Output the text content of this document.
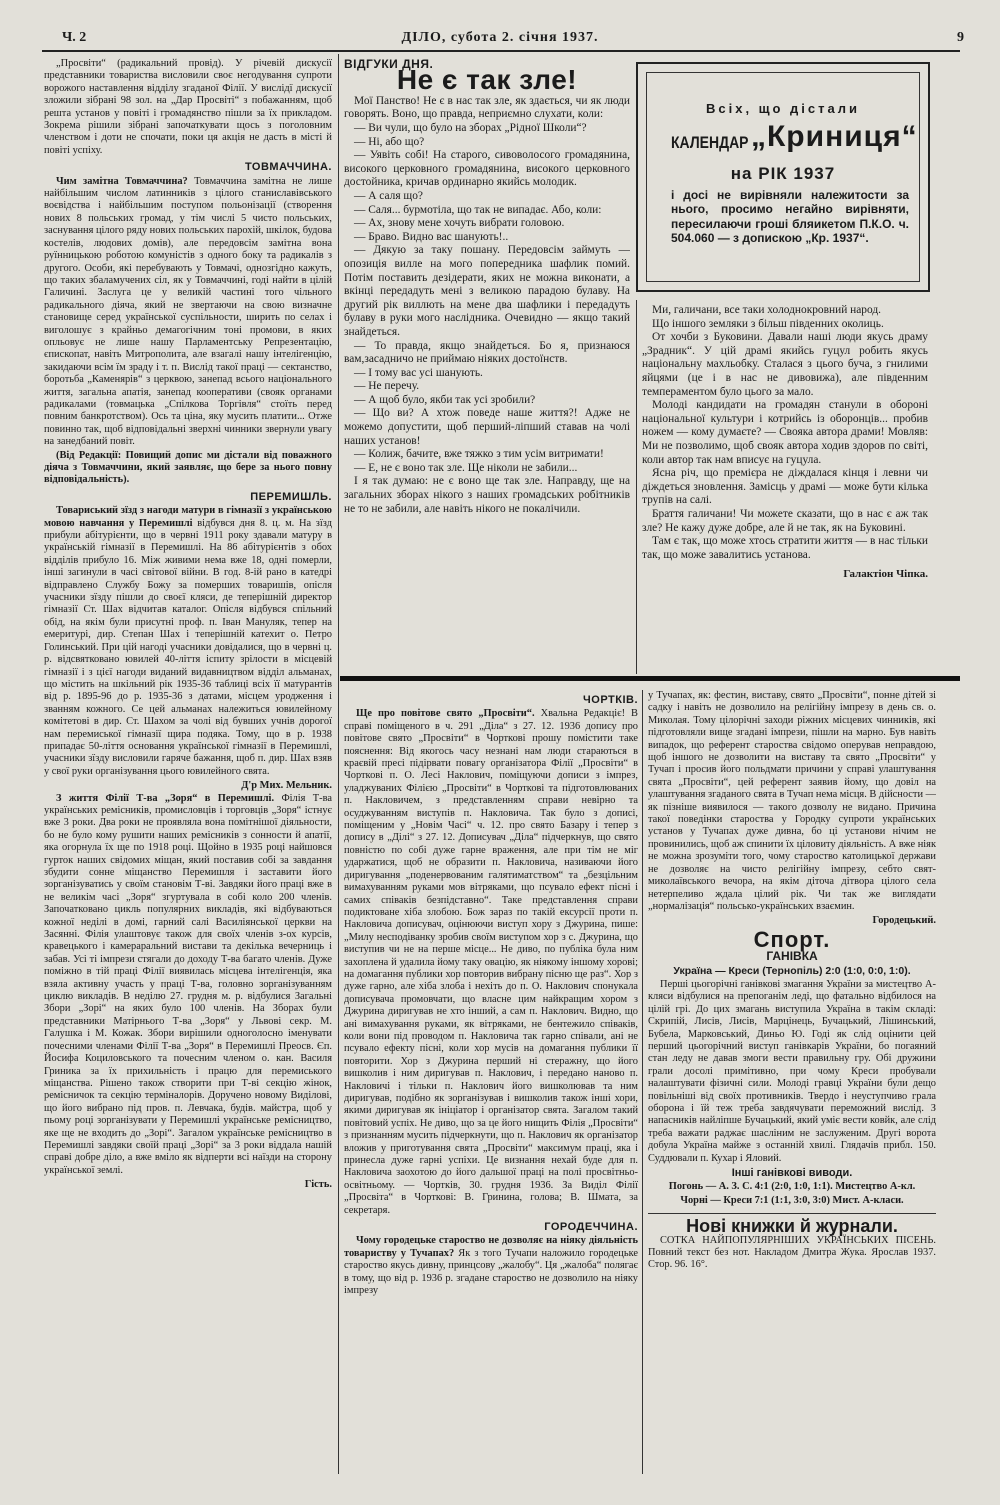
Ч. 2	ДІЛО, субота 2. січня 1937.	9

„Просвіти“ (радикальний провід). У річевій дискусії представники товариства висловили своє негодування супроти ворожого наставлення відділу згаданої Філії. У вислідї дискусії зложили зібрані 98 зол. на „Дар Просвіті“ з побажанням, щоб решта установ у повіті і громадянство пішли за їх прикладом. Зокрема рішили зібрані започаткувати щось з поголовним членством і доти не спочати, поки ця акція не дасть в місті й повіті успіху.

ТОВМАЧЧИНА.

Чим замітна Товмаччина? Товмаччина замітна не лише найбільшим числом латинників з цілого станиславівського воєвідства і найбільшим поступом польонізації (створення нових 8 польських громад, у тім числі 5 чисто польських, заснування цілого ряду нових польських парохій, шкілок, будова костелів, людових домів), але передовсім замітна вона руїнницькою роботою комуністів з одного боку та радикалів з другого. Особи, які перебувають у Товмачі, однозгідно кажуть, що таких збаламучених сіл, як у Товмаччині, годі найти в цілій Галичині. Заслуга це у великій частині того чільного радикального діяча, який не звертаючи на свою визначне становище серед української суспільности, ширить по селах і виголошує з крайньо демагогічним тоні промови, в яких опльовує не лише нашу Парламентську Репрезентацію, єпископат, навіть Митрополита, але взагалі нашу інтелігенцію, закидаючи всім їм зраду і т. п. Вислід такої праці — сектанство, боротьба „Каменярів“ з церквою, занепад всього національного життя, загальна апатія, занепад кооперативи (свояк органами радикалами (товмацька „Спілкова Торгівля“ стоїть перед повним банкротством). Ось та ціна, яку мусить платити... Отже повинно так, щоб відповідальні зверхні чинники звернули увагу на занедбаний повіт.

(Від Редакції: Повищий допис ми дістали від поважного діяча з Товмаччини, який заявляє, що бере за нього повну відповідальність).

ПЕРЕМИШЛЬ.

Товариський зїзд з нагоди матури в гімназії з українською мовою навчання у Перемишлі відбувся дня 8. ц. м. На зїзд прибули абітурієнти, що в червні 1911 року здавали матуру в українській гімназії в Перемишлі. На 86 абітурієнтів з обох відділів прибуло 16. Між живими нема вже 18, одні померли, інші загинули в часі світової війни. В год. 8-ій рано в катедрі відправлено Службу Божу за померших товаришів, опісля учасники зїзду пішли до своєї кляси, де теперішній директор гімназії Ст. Шах відчитав каталог. Опісля відбувся спільний обід, на якім були присутні проф. п. Іван Мануляк, тепер на емеритурі, дир. Степан Шах і теперішній катехит о. Петро Голинський. При цій нагоді учасники довідалися, що в червні ц. р. відсвятковано ювилей 40-ліття іспиту зрілости в місцевій гімназії і з цієї нагоди виданий видавництвом відділ альманах, що містить на шкільний рік 1935-36 таблиці всіх її матурантів від р. 1895-96 до р. 1935-36 з датами, місцем уродження і званням кожного. Се цей альманах належиться ювилейному комітетові в дир. Ст. Шахом за чолі від бувших учнів дорогої нам перемиської гімназії щира подяка. Тому, що в р. 1938 припадає 50-ліття основання української гімназії в Перемишлі, учасники зїзду висловили гаряче бажання, щоб п. дир. Шах взяв у свої руки організування цього ювилейного свята.

Д'р Мих. Мельник.

З життя Філії Т-ва „Зоря“ в Перемишлі. Філія Т-ва українських ремісників, промисловців і торговців „Зоря“ істнує вже 3 роки. Два роки не проявляла вона помітнішої діяльности, бо не було кому рушити наших ремісників з сонности й апатії, яка огорнула їх ще по 1918 році. Щойно в 1935 році найшовся гурток наших свідомих міщан, який поставив собі за завдання збудити сонне міщанство Перемишля і заставити його зорганізуватись у своїм становім Т-ві. Завдяки його праці вже в не великім часі „Зоря“ згуртувала в собі коло 200 членів. Започатковано цикль популярних викладів, які відбуваються кожної неділі в домі, гарний салі Василіянської церкви на Засянні. Філія улаштовує також для своїх членів з-ох курсів, кравецького і камераральний вистави та декілька вечерниць і забав. Усі ті імпрези стягали до доходу Т-ва багато членів. Дуже поміжно в тій праці Філії виявилась місцева інтелігенція, яка взяла активну участь у праці Т-ва, головно зорганізуванням циклю викладів. В неділю 27. грудня м. р. відбулися Загальні Збори „Зорі“ на яких було 100 членів. На Зборах були представники Матірнього Т-ва „Зоря“ у Львові секр. М. Галушка і М. Кожак. Збори вирішили одноголосно іменувати почесними членами Філії Т-ва „Зоря“ в Перемишлі Преосв. Єп. Йосифа Коциловського та почесним членом о. кан. Василя Гриника за їх прихильність і працю для перемиського міщанства. Рішено також створити при Т-ві секцію жінок, ремісничок та секцію терміналорів. Доручено новому Виділові, що його вибрано під пров. п. Левчака, будів. майстра, щоб у пьому році зорганізувати у Перемишлі українське ремісництво, яке ще не входить до „Зорі“. Загалом українське ремісництво в Перемишлі завдяки своїй праці „Зорі“ за 3 роки віддала нашій справі добре діло, а вже вміло як відперти всі наїзди на сторону української землі.

Гість.
ВІДГУКИ ДНЯ.
Не є так зле!

Мої Панство! Не є в нас так зле, як здається, чи як люди говорять. Воно, що правда, неприємно слухати, коли:

— Ви чули, що було на зборах „Рідної Школи“?

— Ні, або що?

— Уявіть собі! На старого, сивоволосого громадянина, високого церковного громадянина, високого церковного достойника, кричав ординарно якийсь молодик.

— А саля що?

— Саля... бурмотіла, що так не випадає. Або, коли:

— Ах, знову мене хочуть вибрати головою.

— Браво. Видно вас шанують!..

— Дякую за таку пошану. Передовсім займуть — опозиція вилле на мого попередника шафлик помий. Потім поставить дезідерати, яких не можна виконати, а вкінці передадуть мені з великою парадою булаву. На другий рік виллють на мене два шафлики і передадуть булаву в руки мого наслідника. Очевидно — якщо такий знайдеться.

— То правда, якщо знайдеться. Бо я, признаюся вам,засадничо не приймаю ніяких достоїнств.

— І тому вас усі шанують.

— Не перечу.

— А щоб було, якби так усі зробили?

— Що ви? А хтож поведе наше життя?! Адже не можемо допустити, щоб перший-ліпший ставав на чолі наших установ!

— Колиж, бачите, вже тяжко з тим усім витримати!

— Е, не є воно так зле. Ще ніколи не забили...

І я так думаю: не є воно ще так зле. Направду, ще на загальних зборах нікого з наших громадських робітників не то не забили, але навіть нікого не покалічили.

Всіх, що дістали
КАЛЕНДАР „Криниця“
на РІК 1937
і досі не вирівняли належитости за нього, просимо негайно вирівняти, пересилаючи гроші бляикетом П.К.О. ч. 504.060 — з допискою „Кр. 1937“.

Ми, галичани, все таки холоднокровний народ.

Що іншого земляки з більш південних околиць.

От хочби з Буковини. Давали наші люди якусь драму „Зрадник“. У цій драмі якийсь гуцул робить якусь національну махльобку. Сталася з цього буча, з гнилими яйцями (це і в нас не дивовижа), але південним темпераментом було цього за мало.

Молоді кандидати на громадян станули в обороні національної культури і котрийсь із оборонців... пробив ножем — кому думаєте? — Свояка автора драми! Мовляв: Ми не позволимо, щоб свояк автора ходив здоров по світі, коли автор так нам вписує на гуцула.

Ясна річ, що премієра не діждалася кінця і левни чи діждеться зновлення. Замісць у драмі — може бути кілька трупів на салі.

Браття галичани! Чи можете сказати, що в нас є аж так зле? Не кажу дуже добре, але й не так, як на Буковині.

Там є так, що може хтось стратити життя — в нас тільки так, що може завалитись установа.

Галактіон Чіпка.
ЧОРТКІВ.

Ще про повітове свято „Просвіти“. Хвальна Редакціє! В справі поміщеного в ч. 291 „Діла“ з 27. 12. 1936 допису про повітове свято „Просвіти“ в Чорткові прошу помістити таке пояснення: Від якогось часу незнані нам люди стараються в краєвій пресі підірвати повагу організатора Філії „Просвіти“ в Чорткові п. О. Лесі Наклович, поміщуючи дописи з імпрез, уладжуваних Філією „Просвіти“ в Чорткові та підготовлюваних п. Накловичем, з представленням справи невірно та осуджуванням виступів п. Накловича. Так було з дописі, поміщеним у „Новім Часі“ ч. 12. про свято Базару і тепер з допису в „Ділі“ з 27. 12. Дописувач „Діла“ підчеркнув, що свято повністю по собі дуже гарне враження, але при тім не міг ударжатися, щоб не образити п. Накловича, називаючи його диригування „поденервованим галятиматством“ та „безцільним вимахуванням руками мов вітряками, що псувало ефект пісні і самих співаків безпідставно“. Таке представлення справи подиктоване хіба злобою. Бож зараз по такій ексурсії проти п. Накловича дописувач, оцінюючи виступ хору з Джурина, пише: „Милу несподіванку зробив своїм виступом хор з с. Джурина, що виступив чи не на перше місце... Не диво, по публіка була ним захоплена й удалила йому таку овацію, як ніякому іншому хорові; на домагання публики хор повторив вибрану пісню ще раз“. Хор з дуже гарно, але хіба злоба і нехіть до п. О. Наклович спонукала дописувача промовчати, що власне цим найкращим хором з Джурина диригував не хто інший, а сам п. Наклович. Видно, що ані вимахування руками, як вітряками, не бентежило співаків, коли вони під проводом п. Накловича так гарно співали, ані не псувало ефекту пісні, коли хор мусів на домагання публики її повторити. Хор з Джурина перший ні стеражну, що його вишколив і ним диригував п. Наклович, і передано наново п. Накловичі і тільки п. Наклович його вишколював та ним диригував, подібно як зорганізував і вишколив також інші хори, якими диригував як ініціатор і організатор свята. Загалом такий повітовий успіх. Не диво, що за це його нищить Філія „Просвіти“ з признанням мусить підчеркнути, що п. Наклович як організатор вложив у приготування свята „Просвіти“ максимум праці, яка і принесла дуже гарні успіхи. Це визнання нехай буде для п. Накловича заохотою до його дальшої праці на полі просвітньо-освітньому. — Чортків, 30. грудня 1936. За Виділ Філії „Просвіта“ в Чорткові: В. Гринина, голова; В. Шмата, за секретаря.

ГОРОДЕЧЧИНА.

Чому городецьке староство не дозволяє на ніяку діяльність товариству у Тучапах? Як з того Тучапи наложило городецьке староство якусь дивну, принцсову „жалобу“. Ця „жалоба“ полягає в тому, що від р. 1936 р. згадане староство не дозволило на ніяку імпрезу

у Тучапах, як: фестин, виставу, свято „Просвіти“, понне дітей зі садку і навіть не дозволило на релігійну імпрезу в день св. о. Миколая. Тому цілорічні заходи ріжних місцевих чинників, які підготовляли вище згадані імпрези, пішли на марно. Був навіть випадок, що референт староства свідомо оперував неправдою, щоб іншого не дозволити на виставу та свято „Просвіти“ у Тучап і просив його польдмати причини у справі улаштування свята „Просвіти“, цей референт заявив йому, що довіл на улаштування згаданого свята в Тучап нема місця. В дійсности — як пізніше виявилося — такого дозволу не видано. Причина такої поведінки староства у Городку супроти українських установ у Тучапах дуже дивна, бо ці установи нічим не провинились, щоб аж спинити їх ціловиту діяльність. А вже ніяк не можна зрозуміти того, чому староство католицької держави не дозволяє на чисто релігійну імпрезу, себто свят-миколаївського вечора, на якім діточа дітвора цілого села нетерпеливо ждала цілий рік. Чи так же виглядати „нормалізація“ польсько-українських взаємин.

Городецький.
Спорт.
ГАНІВКА
Україна — Креси (Тернопіль) 2:0 (1:0, 0:0, 1:0).

Перші цьогорічні ганівкові змагання України за мистецтво А-кляси відбулися на препоганім леді, що фатально відбилося на цілій грі. До цих змагань виступила Україна в такім складі: Скрипій, Лисів, Лисів, Марцінець, Бучацький, Лішинський, Бубела, Марковський, Диньо Ю. Годі як слід оцінити цей перший цьогорічний виступ ганівкарів України, бо погаяний стан леду не давав змоги вести правильну гру. Обі дружини грали досолі примітивно, при чому Креси пробували налаштувати фізичні сили. Молоді гравці України були дещо повільніші від своїх противників. Твердо і неуступчиво грала оборона і їй теж треба завдячувати переможний вислід. З напасників найліпше Бучацький, який уміє вести ковйк, але слід треба важати раджає шасліним не заслуженим. Другі ворота добула Україна майже з останній хвилі. Глядачів прибл. 150. Суддювали п. Кухар і Яловий.

Інші ганівкові виводи.

Погонь — А. З. С. 4:1 (2:0, 1:0, 1:1). Мистецтво А-кл.

Чорні — Креси 7:1 (1:1, 3:0, 3:0) Мист. А-класи.

Нові книжки й журнали.

СОТКА НАЙПОПУЛЯРНІШИХ УКРАЇНСЬКИХ ПІСЕНЬ. Повний текст без нот. Накладом Дмитра Жука. Ярослав 1937. Стор. 96. 16°.
